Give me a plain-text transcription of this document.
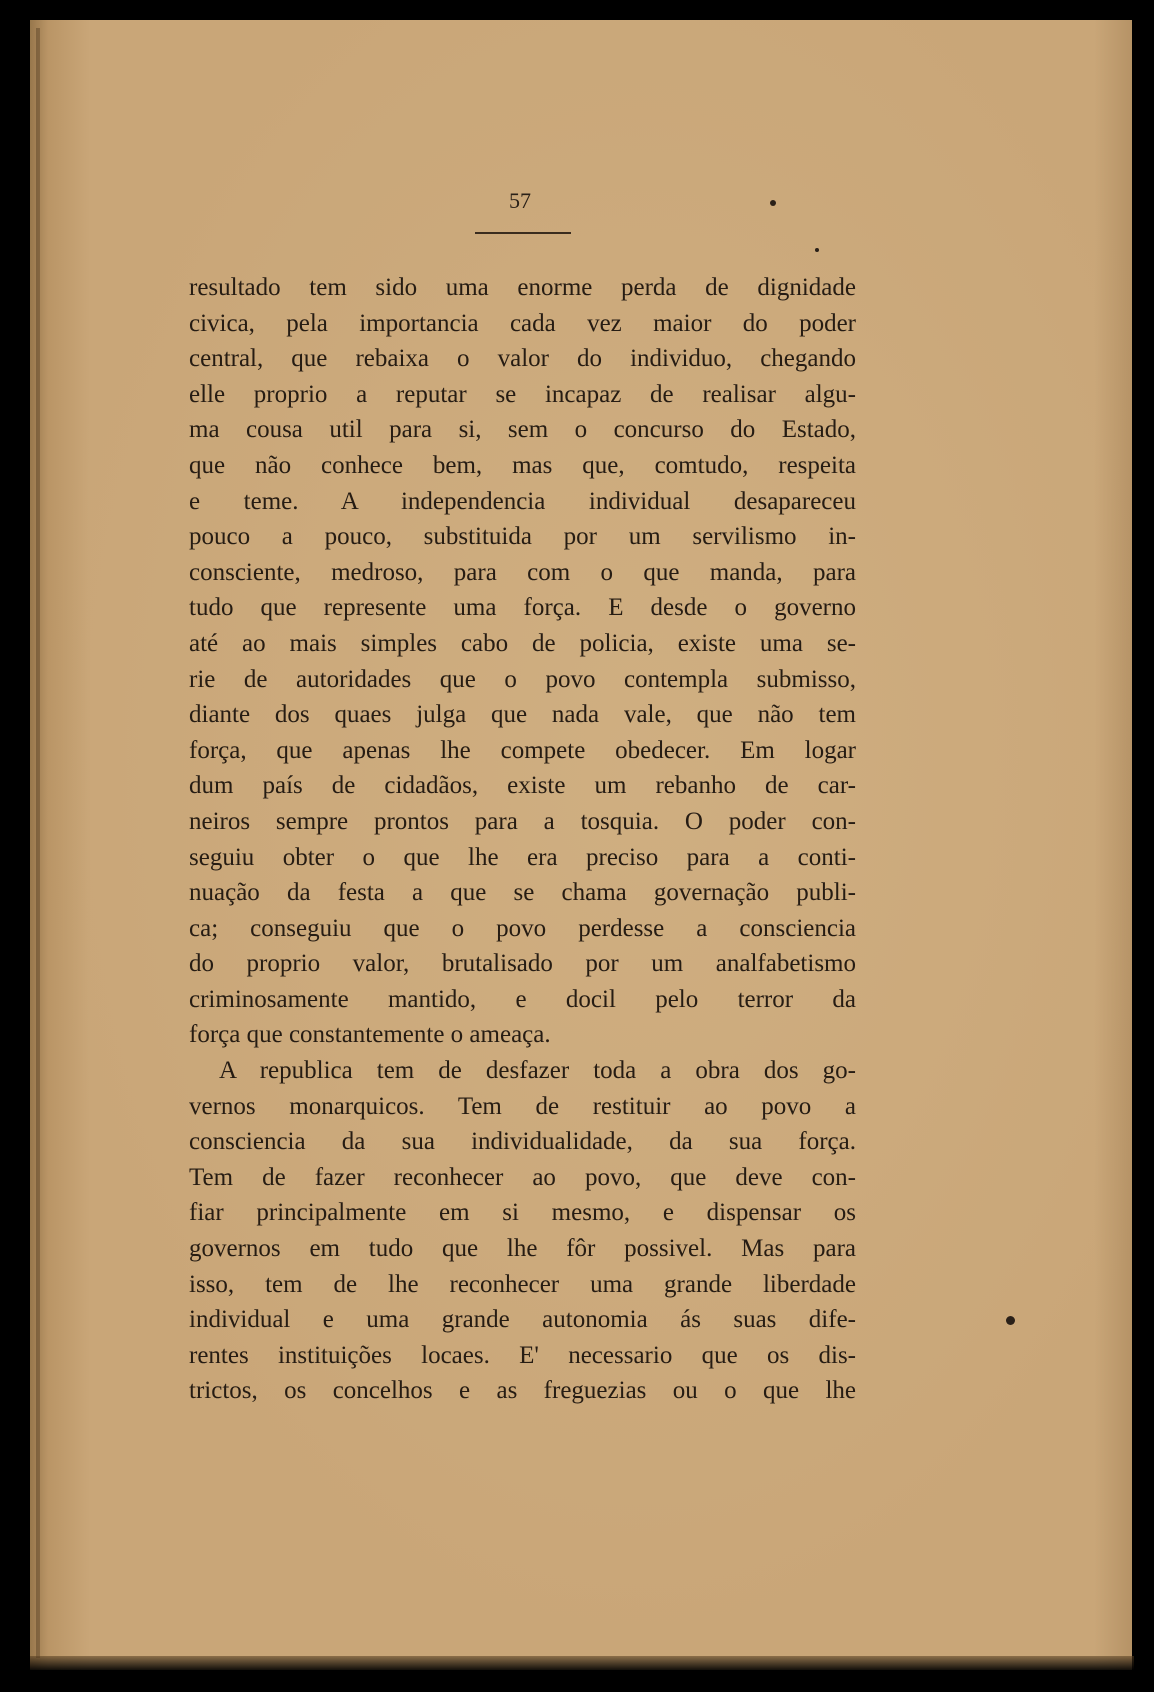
57
resultado tem sido uma enorme perda de dignidade
civica, pela importancia cada vez maior do poder
central, que rebaixa o valor do individuo, chegando
elle proprio a reputar se incapaz de realisar algu-
ma cousa util para si, sem o concurso do Estado,
que não conhece bem, mas que, comtudo, respeita
e teme. A independencia individual desapareceu
pouco a pouco, substituida por um servilismo in-
consciente, medroso, para com o que manda, para
tudo que represente uma força. E desde o governo
até ao mais simples cabo de policia, existe uma se-
rie de autoridades que o povo contempla submisso,
diante dos quaes julga que nada vale, que não tem
força, que apenas lhe compete obedecer. Em logar
dum país de cidadãos, existe um rebanho de car-
neiros sempre prontos para a tosquia. O poder con-
seguiu obter o que lhe era preciso para a conti-
nuação da festa a que se chama governação publi-
ca; conseguiu que o povo perdesse a consciencia
do proprio valor, brutalisado por um analfabetismo
criminosamente mantido, e docil pelo terror da
força que constantemente o ameaça.
A republica tem de desfazer toda a obra dos go-
vernos monarquicos. Tem de restituir ao povo a
consciencia da sua individualidade, da sua força.
Tem de fazer reconhecer ao povo, que deve con-
fiar principalmente em si mesmo, e dispensar os
governos em tudo que lhe fôr possivel. Mas para
isso, tem de lhe reconhecer uma grande liberdade
individual e uma grande autonomia ás suas dife-
rentes instituições locaes. E' necessario que os dis-
trictos, os concelhos e as freguezias ou o que lhe
